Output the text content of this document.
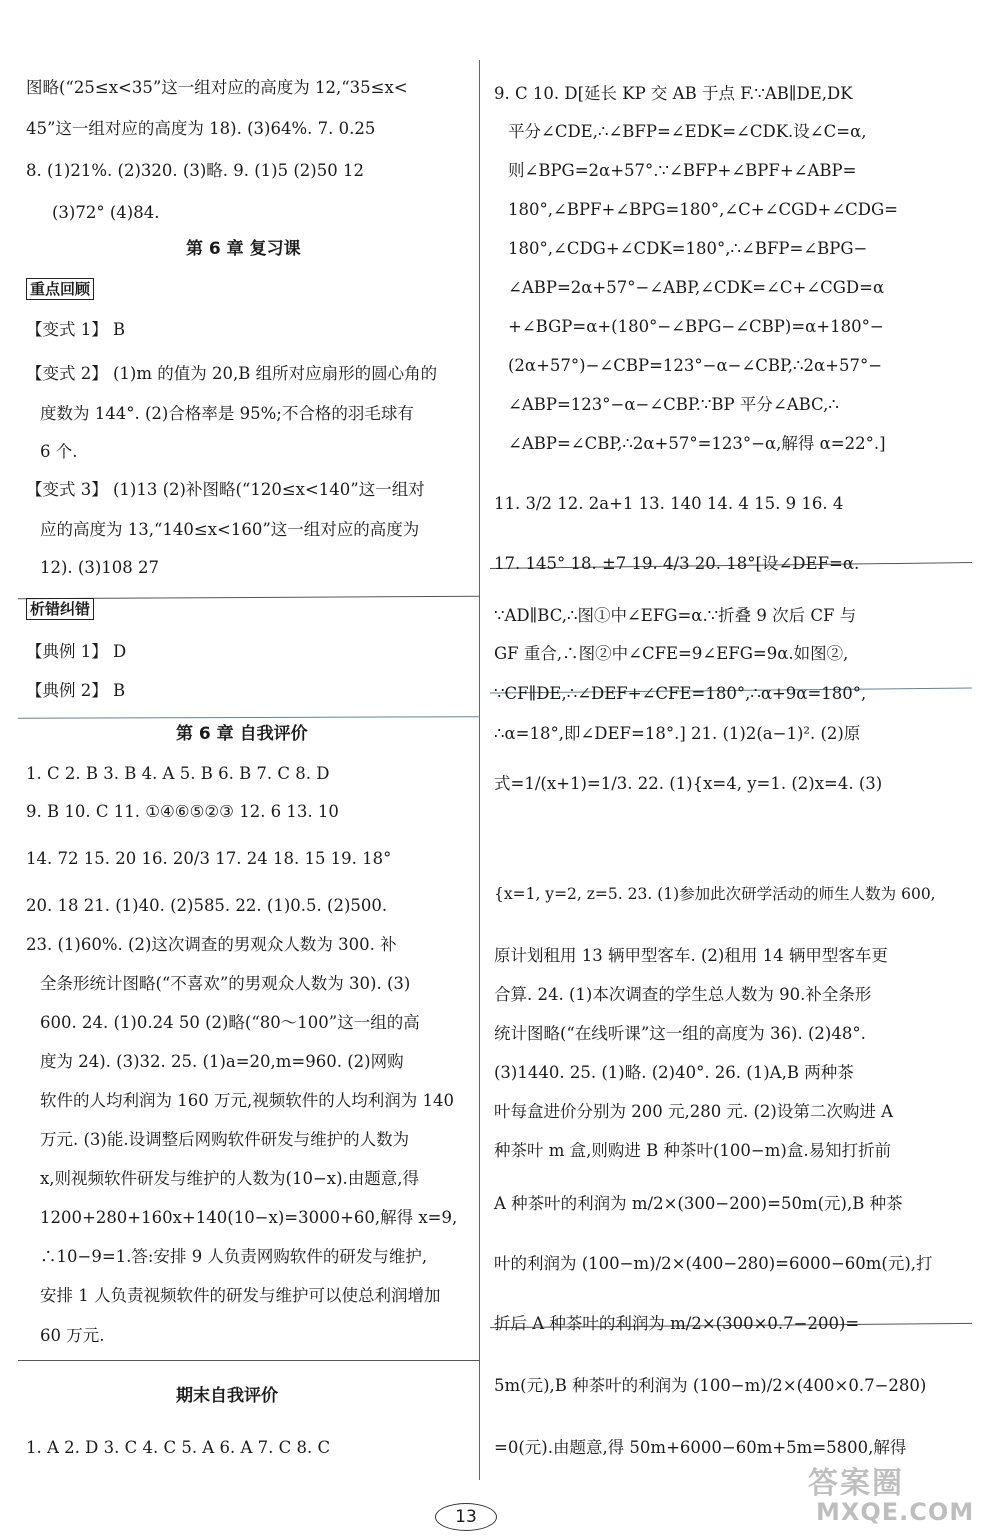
图略(“25≤x<35”这一组对应的高度为 12,“35≤x<
45”这一组对应的高度为 18). (3)64%. 7. 0.25
8. (1)21%. (2)320. (3)略. 9. (1)5 (2)50 12
(3)72° (4)84.
第 6 章 复习课
重点回顾
【变式 1】 B
【变式 2】 (1)m 的值为 20,B 组所对应扇形的圆心角的
度数为 144°. (2)合格率是 95%;不合格的羽毛球有
6 个.
【变式 3】 (1)13 (2)补图略(“120≤x<140”这一组对
应的高度为 13,“140≤x<160”这一组对应的高度为
12). (3)108 27
析错纠错
【典例 1】 D
【典例 2】 B
第 6 章 自我评价
1. C 2. B 3. B 4. A 5. B 6. B 7. C 8. D
9. B 10. C 11. ①④⑥⑤②③ 12. 6 13. 10
14. 72 15. 20 16. 20/3 17. 24 18. 15 19. 18°
20. 18 21. (1)40. (2)585. 22. (1)0.5. (2)500.
23. (1)60%. (2)这次调查的男观众人数为 300. 补
全条形统计图略(“不喜欢”的男观众人数为 30). (3)
600. 24. (1)0.24 50 (2)略(“80～100”这一组的高
度为 24). (3)32. 25. (1)a=20,m=960. (2)网购
软件的人均利润为 160 万元,视频软件的人均利润为 140
万元. (3)能.设调整后网购软件研发与维护的人数为
x,则视频软件研发与维护的人数为(10−x).由题意,得
1200+280+160x+140(10−x)=3000+60,解得 x=9,
∴10−9=1.答:安排 9 人负责网购软件的研发与维护,
安排 1 人负责视频软件的研发与维护可以使总利润增加
60 万元.
期末自我评价
1. A 2. D 3. C 4. C 5. A 6. A 7. C 8. C
9. C 10. D[延长 KP 交 AB 于点 F.∵AB∥DE,DK
平分∠CDE,∴∠BFP=∠EDK=∠CDK.设∠C=α,
则∠BPG=2α+57°.∵∠BFP+∠BPF+∠ABP=
180°,∠BPF+∠BPG=180°,∠C+∠CGD+∠CDG=
180°,∠CDG+∠CDK=180°,∴∠BFP=∠BPG−
∠ABP=2α+57°−∠ABP,∠CDK=∠C+∠CGD=α
+∠BGP=α+(180°−∠BPG−∠CBP)=α+180°−
(2α+57°)−∠CBP=123°−α−∠CBP,∴2α+57°−
∠ABP=123°−α−∠CBP.∵BP 平分∠ABC,∴
∠ABP=∠CBP,∴2α+57°=123°−α,解得 α=22°.]
11. 3/2 12. 2a+1 13. 140 14. 4 15. 9 16. 4
17. 145° 18. ±7 19. 4/3 20. 18°[设∠DEF=α.
∵AD∥BC,∴图①中∠EFG=α.∵折叠 9 次后 CF 与
GF 重合,∴图②中∠CFE=9∠EFG=9α.如图②,
∵CF∥DE,∴∠DEF+∠CFE=180°,∴α+9α=180°,
∴α=18°,即∠DEF=18°.] 21. (1)2(a−1)². (2)原
式=1/(x+1)=1/3. 22. (1){x=4, y=1. (2)x=4. (3)
{x=1, y=2, z=5. 23. (1)参加此次研学活动的师生人数为 600,
原计划租用 13 辆甲型客车. (2)租用 14 辆甲型客车更
合算. 24. (1)本次调查的学生总人数为 90.补全条形
统计图略(“在线听课”这一组的高度为 36). (2)48°.
(3)1440. 25. (1)略. (2)40°. 26. (1)A,B 两种茶
叶每盒进价分别为 200 元,280 元. (2)设第二次购进 A
种茶叶 m 盒,则购进 B 种茶叶(100−m)盒.易知打折前
A 种茶叶的利润为 m/2×(300−200)=50m(元),B 种茶
叶的利润为 (100−m)/2×(400−280)=6000−60m(元),打
折后 A 种茶叶的利润为 m/2×(300×0.7−200)=
5m(元),B 种茶叶的利润为 (100−m)/2×(400×0.7−280)
=0(元).由题意,得 50m+6000−60m+5m=5800,解得
13
答案圈
MXQE.COM
